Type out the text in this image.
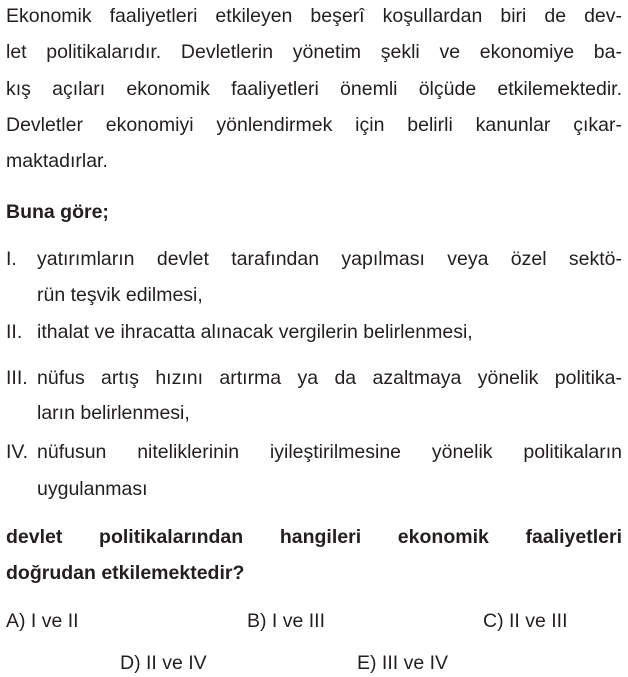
Ekonomik faaliyetleri etkileyen beşerî koşullardan biri de dev-
let politikalarıdır. Devletlerin yönetim şekli ve ekonomiye ba-
kış açıları ekonomik faaliyetleri önemli ölçüde etkilemektedir.
Devletler ekonomiyi yönlendirmek için belirli kanunlar çıkar-
maktadırlar.
Buna göre;
I. yatırımların devlet tarafından yapılması veya özel sektö-
rün teşvik edilmesi,
II. ithalat ve ihracatta alınacak vergilerin belirlenmesi,
III. nüfus artış hızını artırma ya da azaltmaya yönelik politika-
ların belirlenmesi,
IV. nüfusun niteliklerinin iyileştirilmesine yönelik politikaların
uygulanması
devlet politikalarından hangileri ekonomik faaliyetleri
doğrudan etkilemektedir?
A) I ve II	B) I ve III	C) II ve III
D) II ve IV	E) III ve IV
